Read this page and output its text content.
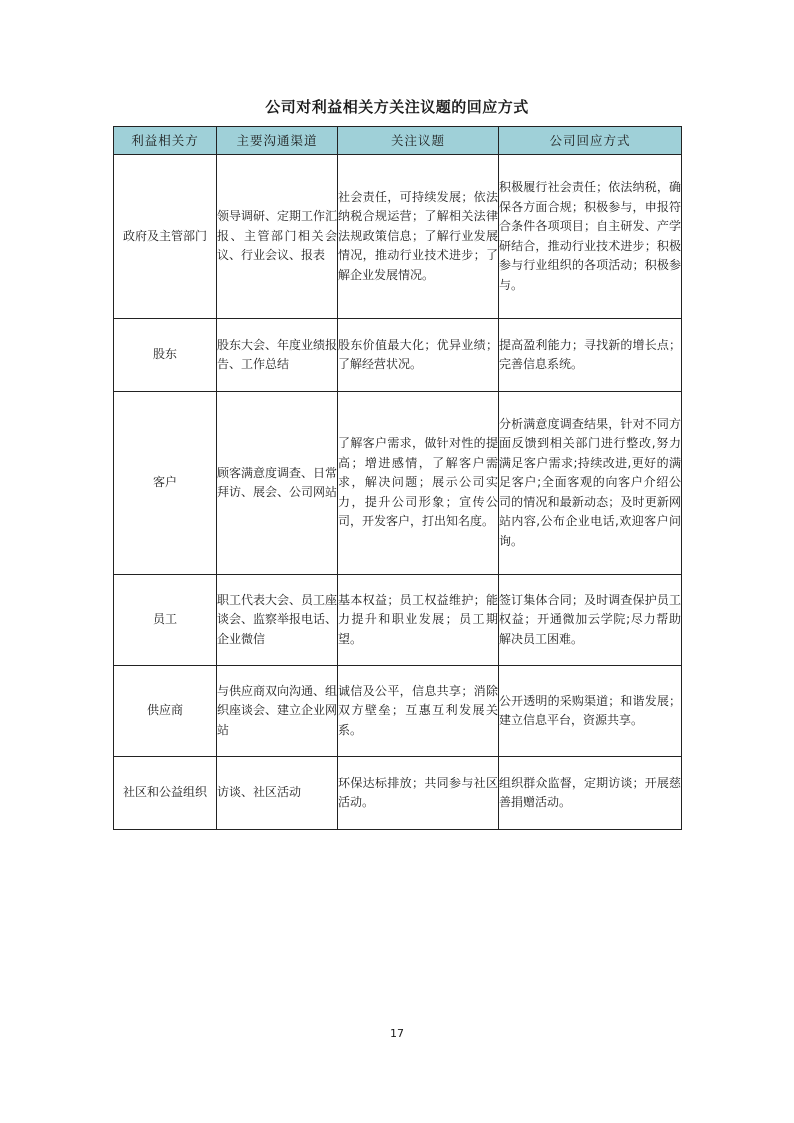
公司对利益相关方关注议题的回应方式
利益相关方	主要沟通渠道	关注议题	公司回应方式
政府及主管部门	领导调研、定期工作汇报、主管部门相关会议、行业会议、报表	社会责任，可持续发展；依法纳税合规运营；了解相关法律法规政策信息；了解行业发展情况，推动行业技术进步；了解企业发展情况。	积极履行社会责任；依法纳税，确保各方面合规；积极参与，申报符合条件各项项目；自主研发、产学研结合，推动行业技术进步；积极参与行业组织的各项活动；积极参与。
股东	股东大会、年度业绩报告、工作总结	股东价值最大化；优异业绩；了解经营状况。	提高盈利能力；寻找新的增长点；完善信息系统。
客户	顾客满意度调查、日常拜访、展会、公司网站	了解客户需求，做针对性的提高；增进感情，了解客户需求，解决问题；展示公司实力，提升公司形象；宣传公司，开发客户，打出知名度。	分析满意度调查结果，针对不同方面反馈到相关部门进行整改,努力满足客户需求;持续改进,更好的满足客户;全面客观的向客户介绍公司的情况和最新动态；及时更新网站内容,公布企业电话,欢迎客户问询。
员工	职工代表大会、员工座谈会、监察举报电话、企业微信	基本权益；员工权益维护；能力提升和职业发展；员工期望。	签订集体合同；及时调查保护员工权益；开通微加云学院;尽力帮助解决员工困难。
供应商	与供应商双向沟通、组织座谈会、建立企业网站	诚信及公平，信息共享；消除双方壁垒；互惠互利发展关系。	公开透明的采购渠道；和谐发展；建立信息平台，资源共享。
社区和公益组织	访谈、社区活动	环保达标排放；共同参与社区活动。	组织群众监督，定期访谈；开展慈善捐赠活动。
17
